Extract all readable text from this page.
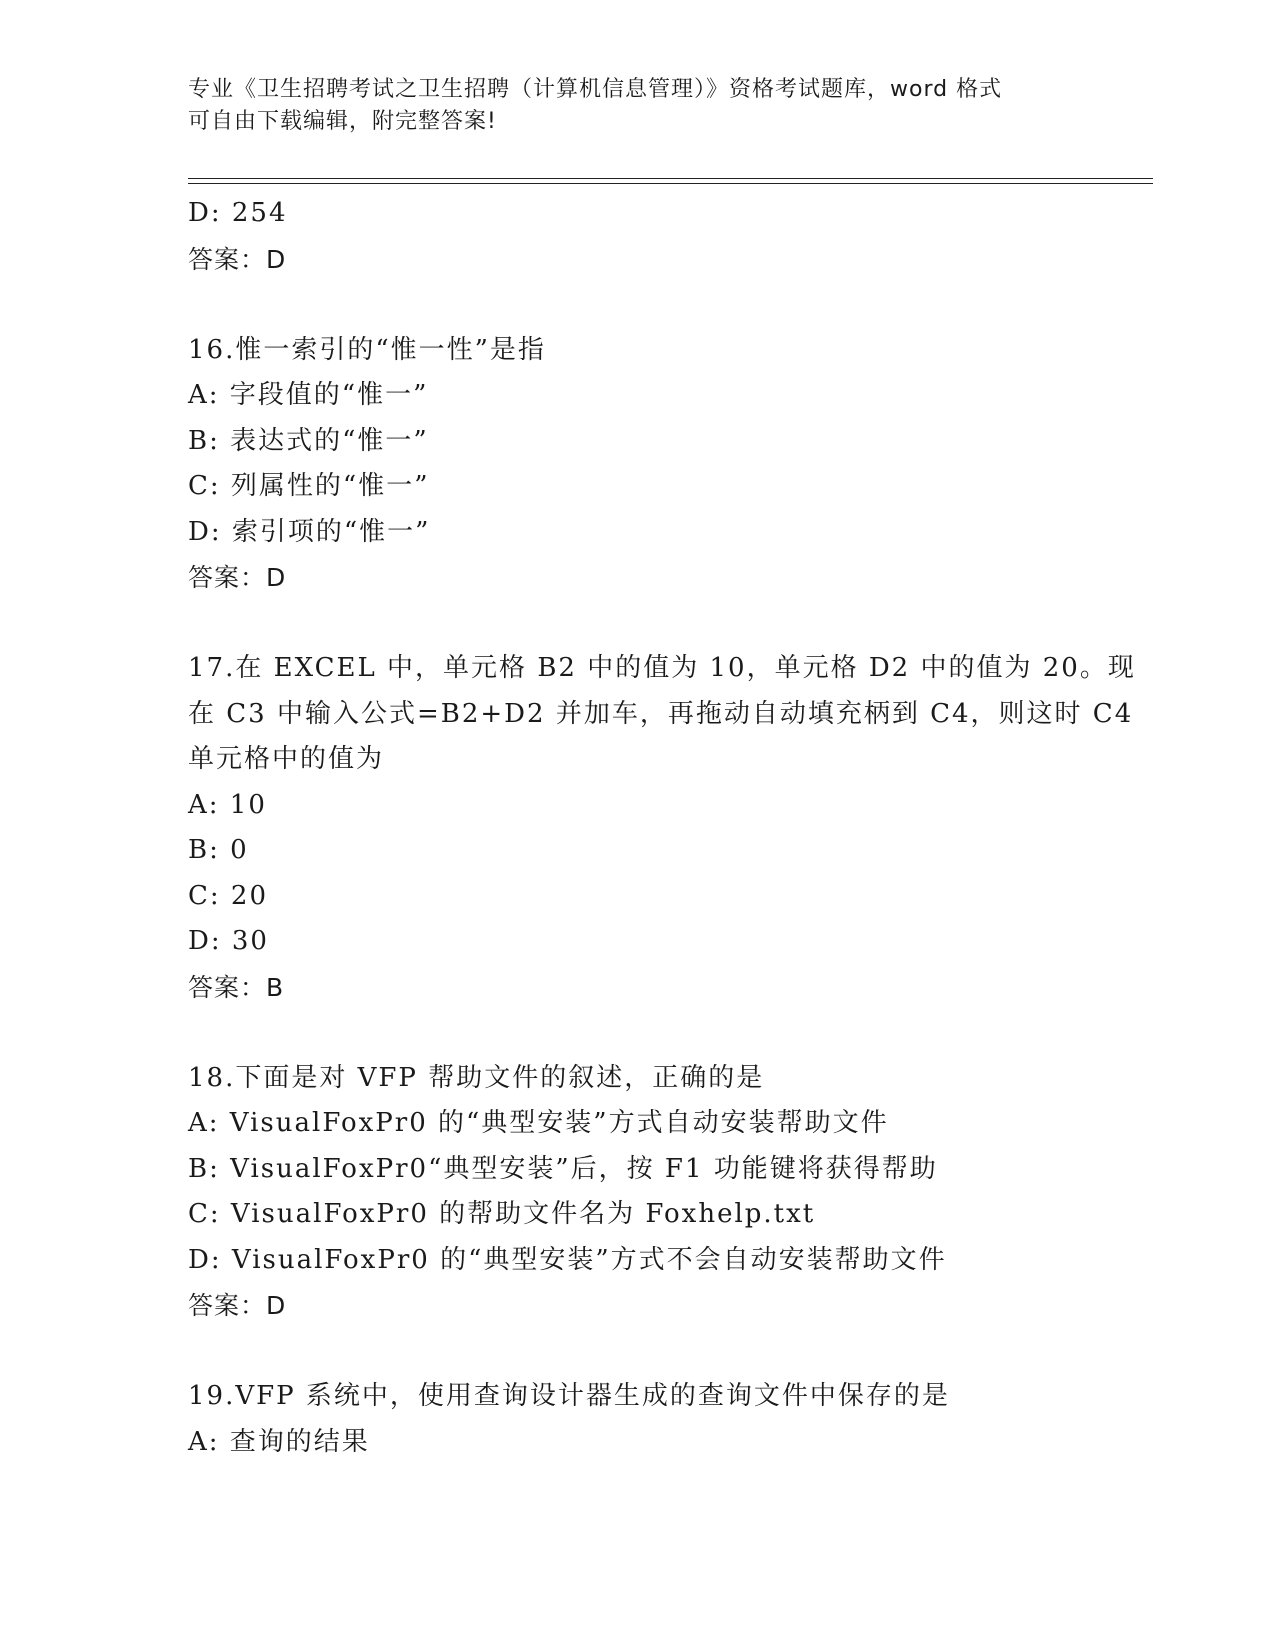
专业《卫生招聘考试之卫生招聘（计算机信息管理）》资格考试题库，word 格式
可自由下载编辑，附完整答案!
D: 254
答案：D
16.惟一索引的“惟一性”是指
A: 字段值的“惟一”
B: 表达式的“惟一”
C: 列属性的“惟一”
D: 索引项的“惟一”
答案：D
17.在 EXCEL 中，单元格 B2 中的值为 10，单元格 D2 中的值为 20。现
在 C3 中输入公式=B2+D2 并加车，再拖动自动填充柄到 C4，则这时 C4
单元格中的值为
A: 10
B: 0
C: 20
D: 30
答案：B
18.下面是对 VFP 帮助文件的叙述，正确的是
A: VisualFoxPr0 的“典型安装”方式自动安装帮助文件
B: VisualFoxPr0“典型安装”后，按 F1 功能键将获得帮助
C: VisualFoxPr0 的帮助文件名为 Foxhelp.txt
D: VisualFoxPr0 的“典型安装”方式不会自动安装帮助文件
答案：D
19.VFP 系统中，使用查询设计器生成的查询文件中保存的是
A: 查询的结果
